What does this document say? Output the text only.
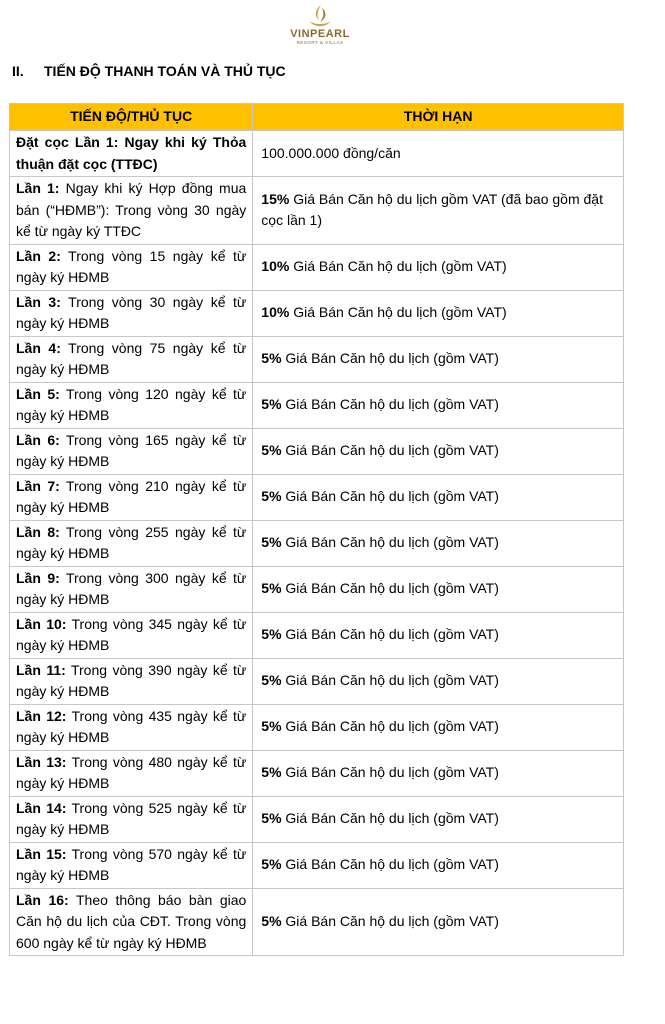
VINPEARL
RESORT & VILLAS
II. TIẾN ĐỘ THANH TOÁN VÀ THỦ TỤC
TIẾN ĐỘ/THỦ TỤC	THỜI HẠN
Đặt cọc Lần 1: Ngay khi ký Thỏa thuận đặt cọc (TTĐC)	100.000.000 đồng/căn
Lần 1: Ngay khi ký Hợp đồng mua bán (“HĐMB”): Trong vòng 30 ngày kể từ ngày ký TTĐC	15% Giá Bán Căn hộ du lịch gồm VAT (đã bao gồm đặt cọc lần 1)
Lần 2: Trong vòng 15 ngày kể từ ngày ký HĐMB	10% Giá Bán Căn hộ du lịch (gồm VAT)
Lần 3: Trong vòng 30 ngày kể từ ngày ký HĐMB	10% Giá Bán Căn hộ du lịch (gồm VAT)
Lần 4: Trong vòng 75 ngày kể từ ngày ký HĐMB	5% Giá Bán Căn hộ du lịch (gồm VAT)
Lần 5: Trong vòng 120 ngày kể từ ngày ký HĐMB	5% Giá Bán Căn hộ du lịch (gồm VAT)
Lần 6: Trong vòng 165 ngày kể từ ngày ký HĐMB	5% Giá Bán Căn hộ du lịch (gồm VAT)
Lần 7: Trong vòng 210 ngày kể từ ngày ký HĐMB	5% Giá Bán Căn hộ du lịch (gồm VAT)
Lần 8: Trong vòng 255 ngày kể từ ngày ký HĐMB	5% Giá Bán Căn hộ du lịch (gồm VAT)
Lần 9: Trong vòng 300 ngày kể từ ngày ký HĐMB	5% Giá Bán Căn hộ du lịch (gồm VAT)
Lần 10: Trong vòng 345 ngày kể từ ngày ký HĐMB	5% Giá Bán Căn hộ du lịch (gồm VAT)
Lần 11: Trong vòng 390 ngày kể từ ngày ký HĐMB	5% Giá Bán Căn hộ du lịch (gồm VAT)
Lần 12: Trong vòng 435 ngày kể từ ngày ký HĐMB	5% Giá Bán Căn hộ du lịch (gồm VAT)
Lần 13: Trong vòng 480 ngày kể từ ngày ký HĐMB	5% Giá Bán Căn hộ du lịch (gồm VAT)
Lần 14: Trong vòng 525 ngày kể từ ngày ký HĐMB	5% Giá Bán Căn hộ du lịch (gồm VAT)
Lần 15: Trong vòng 570 ngày kể từ ngày ký HĐMB	5% Giá Bán Căn hộ du lịch (gồm VAT)
Lần 16: Theo thông báo bàn giao Căn hộ du lịch của CĐT. Trong vòng 600 ngày kể từ ngày ký HĐMB	5% Giá Bán Căn hộ du lịch (gồm VAT)
